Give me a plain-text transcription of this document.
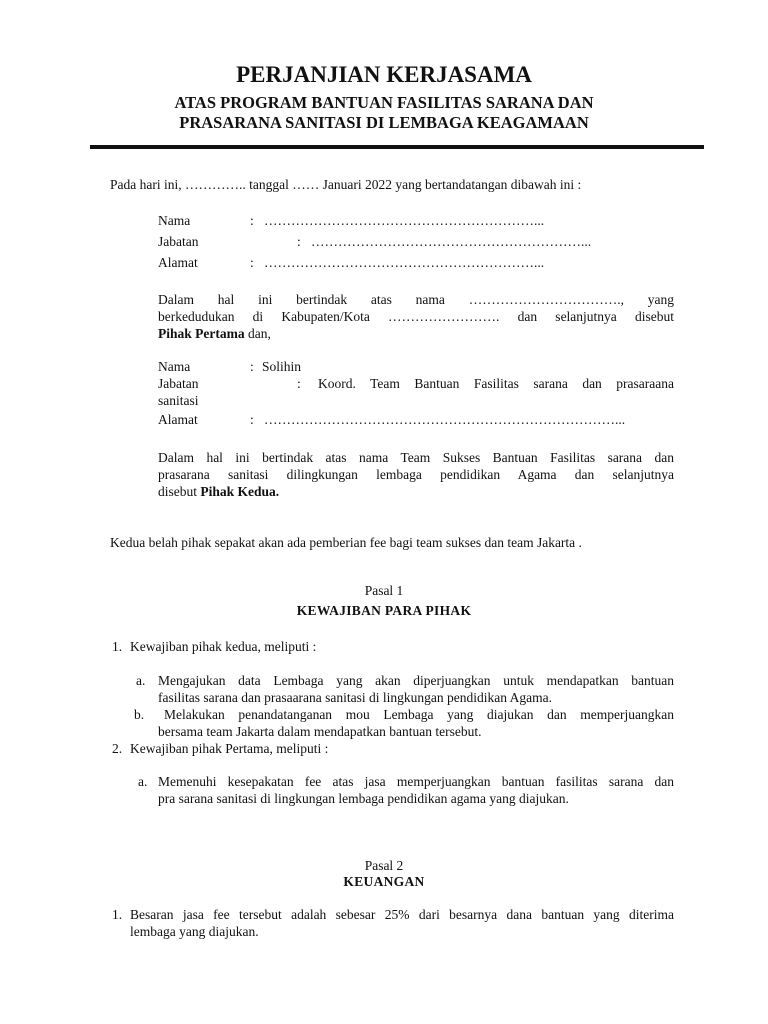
PERJANJIAN KERJASAMA
ATAS PROGRAM BANTUAN FASILITAS SARANA DAN
PRASARANA SANITASI DI LEMBAGA KEAGAMAAN
Pada hari ini, ………….. tanggal …… Januari 2022 yang bertandatangan dibawah ini :
Nama	: ……………………………………………………...
Jabatan	: ……………………………………………………...
Alamat	: ……………………………………………………...
Dalam hal ini bertindak atas nama ……………………………., yang
berkedudukan di Kabupaten/Kota ……………………. dan selanjutnya disebut
Pihak Pertama dan,
Nama	: Solihin
Jabatan	: Koord. Team Bantuan Fasilitas sarana dan prasaraana
sanitasi
Alamat	: ……………………………………………………………………...
Dalam hal ini bertindak atas nama Team Sukses Bantuan Fasilitas sarana dan
prasarana sanitasi dilingkungan lembaga pendidikan Agama dan selanjutnya
disebut Pihak Kedua.
Kedua belah pihak sepakat akan ada pemberian fee bagi team sukses dan team Jakarta .
Pasal 1
KEWAJIBAN PARA PIHAK
1. Kewajiban pihak kedua, meliputi :
a. Mengajukan data Lembaga yang akan diperjuangkan untuk mendapatkan bantuan
fasilitas sarana dan prasaarana sanitasi di lingkungan pendidikan Agama.
b. Melakukan penandatanganan mou Lembaga yang diajukan dan memperjuangkan
bersama team Jakarta dalam mendapatkan bantuan tersebut.
2. Kewajiban pihak Pertama, meliputi :
a. Memenuhi kesepakatan fee atas jasa memperjuangkan bantuan fasilitas sarana dan
pra sarana sanitasi di lingkungan lembaga pendidikan agama yang diajukan.
Pasal 2
KEUANGAN
1. Besaran jasa fee tersebut adalah sebesar 25% dari besarnya dana bantuan yang diterima
lembaga yang diajukan.
